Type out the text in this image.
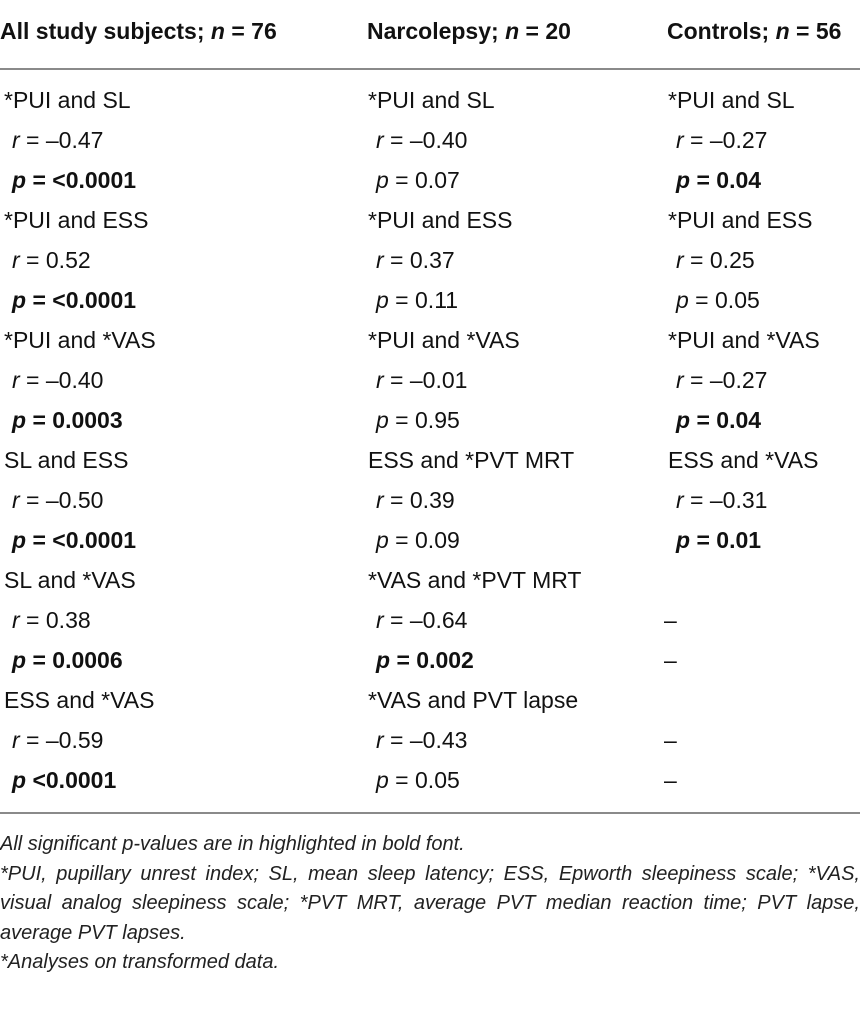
All study subjects; n = 76	Narcolepsy; n = 20	Controls; n = 56
*PUI and SL
r = –0.47
p = <0.0001
*PUI and ESS
r = 0.52
p = <0.0001
*PUI and *VAS
r = –0.40
p = 0.0003
SL and ESS
r = –0.50
p = <0.0001
SL and *VAS
r = 0.38
p = 0.0006
ESS and *VAS
r = –0.59
p <0.0001
*PUI and SL
r = –0.40
p = 0.07
*PUI and ESS
r = 0.37
p = 0.11
*PUI and *VAS
r = –0.01
p = 0.95
ESS and *PVT MRT
r = 0.39
p = 0.09
*VAS and *PVT MRT
r = –0.64
p = 0.002
*VAS and PVT lapse
r = –0.43
p = 0.05
*PUI and SL
r = –0.27
p = 0.04
*PUI and ESS
r = 0.25
p = 0.05
*PUI and *VAS
r = –0.27
p = 0.04
ESS and *VAS
r = –0.31
p = 0.01
–
–
–
–

All significant p-values are in highlighted in bold font.

*PUI, pupillary unrest index; SL, mean sleep latency; ESS, Epworth sleepiness scale; *VAS, visual analog sleepiness scale; *PVT MRT, average PVT median reaction time; PVT lapse, average PVT lapses.

*Analyses on transformed data.
